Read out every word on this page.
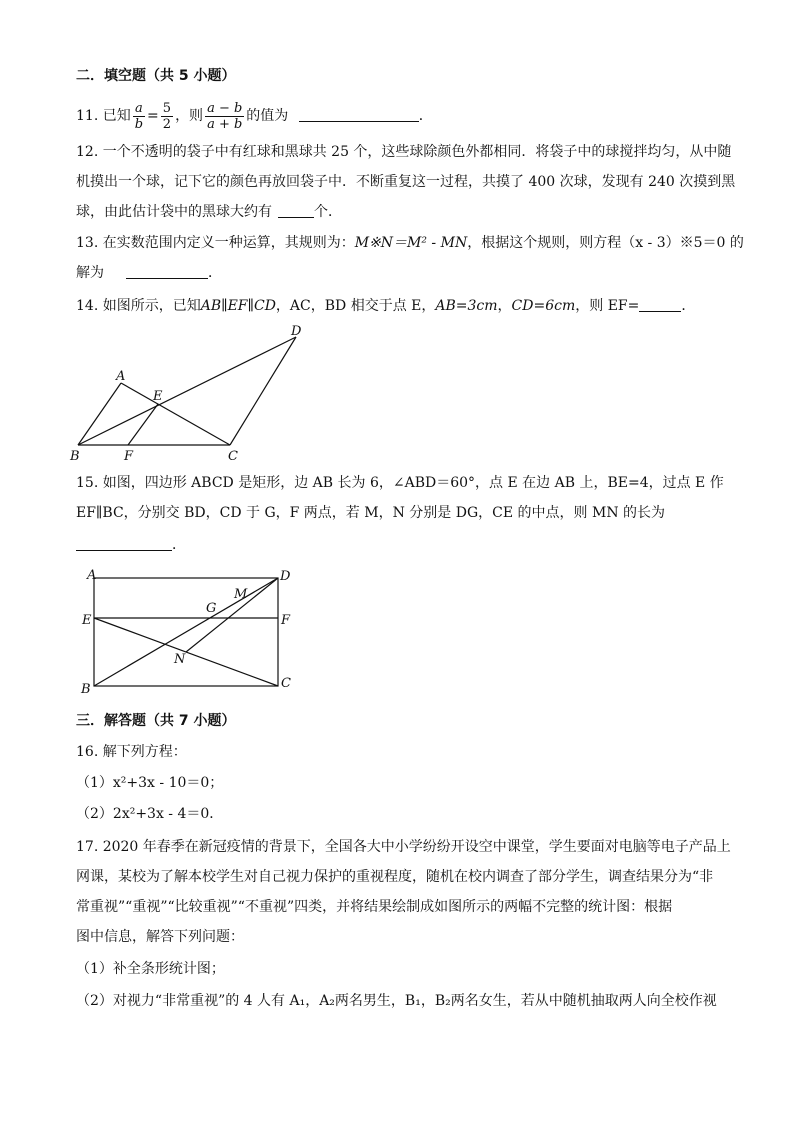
二．填空题（共 5 小题）
11. 已知 $\frac{a}{b} = \frac{5}{2}$ ，则 $\frac{a - b}{a + b}$ 的值为	．
12. 一个不透明的袋子中有红球和黑球共 25 个，这些球除颜色外都相同．将袋子中的球搅拌均匀，从中随
机摸出一个球，记下它的颜色再放回袋子中．不断重复这一过程，共摸了 400 次球，发现有 240 次摸到黑
球，由此估计袋中的黑球大约有	个．
13. 在实数范围内定义一种运算，其规则为：M※N＝M² - MN，根据这个规则，则方程（x - 3）※5＝0 的
解为	．
14. 如图所示，已知AB∥EF∥CD，AC，BD 相交于点 E，AB=3cm，CD=6cm，则 EF=	．
A
B	C
D
E
F
15. 如图，四边形 ABCD 是矩形，边 AB 长为 6，∠ABD＝60°，点 E 在边 AB 上，BE=4，过点 E 作
EF∥BC，分别交 BD，CD 于 G，F 两点，若 M，N 分别是 DG，CE 的中点，则 MN 的长为
．
A	D
E	F
B	C
G
M
N
三．解答题（共 7 小题）
16. 解下列方程：
（1）x²+3x - 10＝0；
（2）2x²+3x - 4＝0．
17. 2020 年春季在新冠疫情的背景下，全国各大中小学纷纷开设空中课堂，学生要面对电脑等电子产品上
网课，某校为了解本校学生对自己视力保护的重视程度，随机在校内调查了部分学生，调查结果分为“非
常重视”“重视”“比较重视”“不重视”四类，并将结果绘制成如图所示的两幅不完整的统计图：根据
图中信息，解答下列问题：
（1）补全条形统计图；
（2）对视力“非常重视”的 4 人有 A₁，A₂两名男生，B₁，B₂两名女生，若从中随机抽取两人向全校作视
